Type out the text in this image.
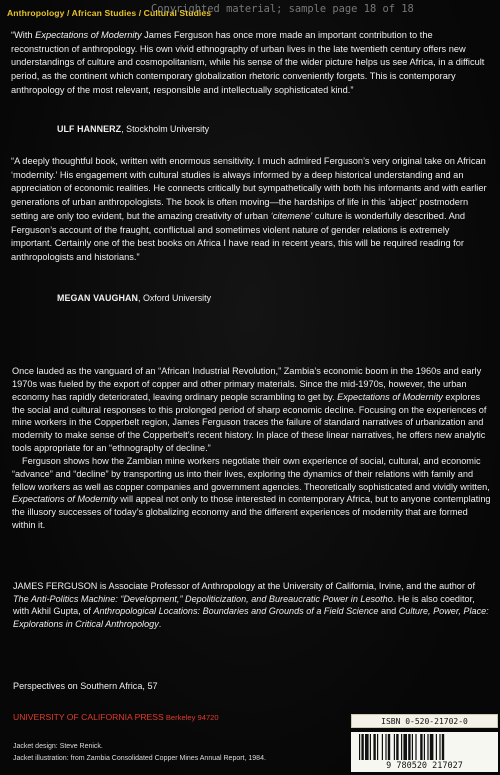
Anthropology / African Studies / Cultural Studies
Copyrighted material; sample page 18 of 18

“With Expectations of Modernity James Ferguson has once more made an important contribution to the reconstruction of anthropology. His own vivid ethnography of urban lives in the late twentieth century offers new understandings of culture and cosmopolitanism, while his sense of the wider picture helps us see Africa, in a difficult period, as the continent which contemporary globalization rhetoric conveniently forgets. This is contemporary anthropology of the most relevant, responsible and intellectually sophisticated kind.”

ULF HANNERZ, Stockholm University

“A deeply thoughtful book, written with enormous sensitivity. I much admired Ferguson’s very original take on African ‘modernity.’ His engagement with cultural studies is always informed by a deep historical understanding and an appreciation of economic realities. He connects critically but sympathetically with both his informants and with earlier generations of urban anthropologists. The book is often moving—the hardships of life in this ‘abject’ postmodern setting are only too evident, but the amazing creativity of urban ‘citemene’ culture is wonderfully described. And Ferguson’s account of the fraught, conflictual and sometimes violent nature of gender relations is extremely important. Certainly one of the best books on Africa I have read in recent years, this will be required reading for anthropologists and historians.”

MEGAN VAUGHAN, Oxford University

Once lauded as the vanguard of an “African Industrial Revolution,” Zambia’s economic boom in the 1960s and early 1970s was fueled by the export of copper and other primary materials. Since the mid-1970s, however, the urban economy has rapidly deteriorated, leaving ordinary people scrambling to get by. Expectations of Modernity explores the social and cultural responses to this prolonged period of sharp economic decline. Focusing on the experiences of mine workers in the Copperbelt region, James Ferguson traces the failure of standard narratives of urbanization and modernity to make sense of the Copperbelt’s recent history. In place of these linear narratives, he offers new analytic tools appropriate for an “ethnography of decline.”

Ferguson shows how the Zambian mine workers negotiate their own experience of social, cultural, and economic “advance” and “decline” by transporting us into their lives, exploring the dynamics of their relations with family and fellow workers as well as copper companies and government agencies. Theoretically sophisticated and vividly written, Expectations of Modernity will appeal not only to those interested in contemporary Africa, but to anyone contemplating the illusory successes of today’s globalizing economy and the different experiences of modernity that are formed within it.

JAMES FERGUSON is Associate Professor of Anthropology at the University of California, Irvine, and the author of The Anti-Politics Machine: “Development,” Depoliticization, and Bureaucratic Power in Lesotho. He is also coeditor, with Akhil Gupta, of Anthropological Locations: Boundaries and Grounds of a Field Science and Culture, Power, Place: Explorations in Critical Anthropology.

Perspectives on Southern Africa, 57
UNIVERSITY OF CALIFORNIA PRESS Berkeley 94720
Jacket design: Steve Renick.
Jacket illustration: from Zambia Consolidated Copper Mines Annual Report, 1984.
ISBN 0-520-21702-0
9 780520 217027
